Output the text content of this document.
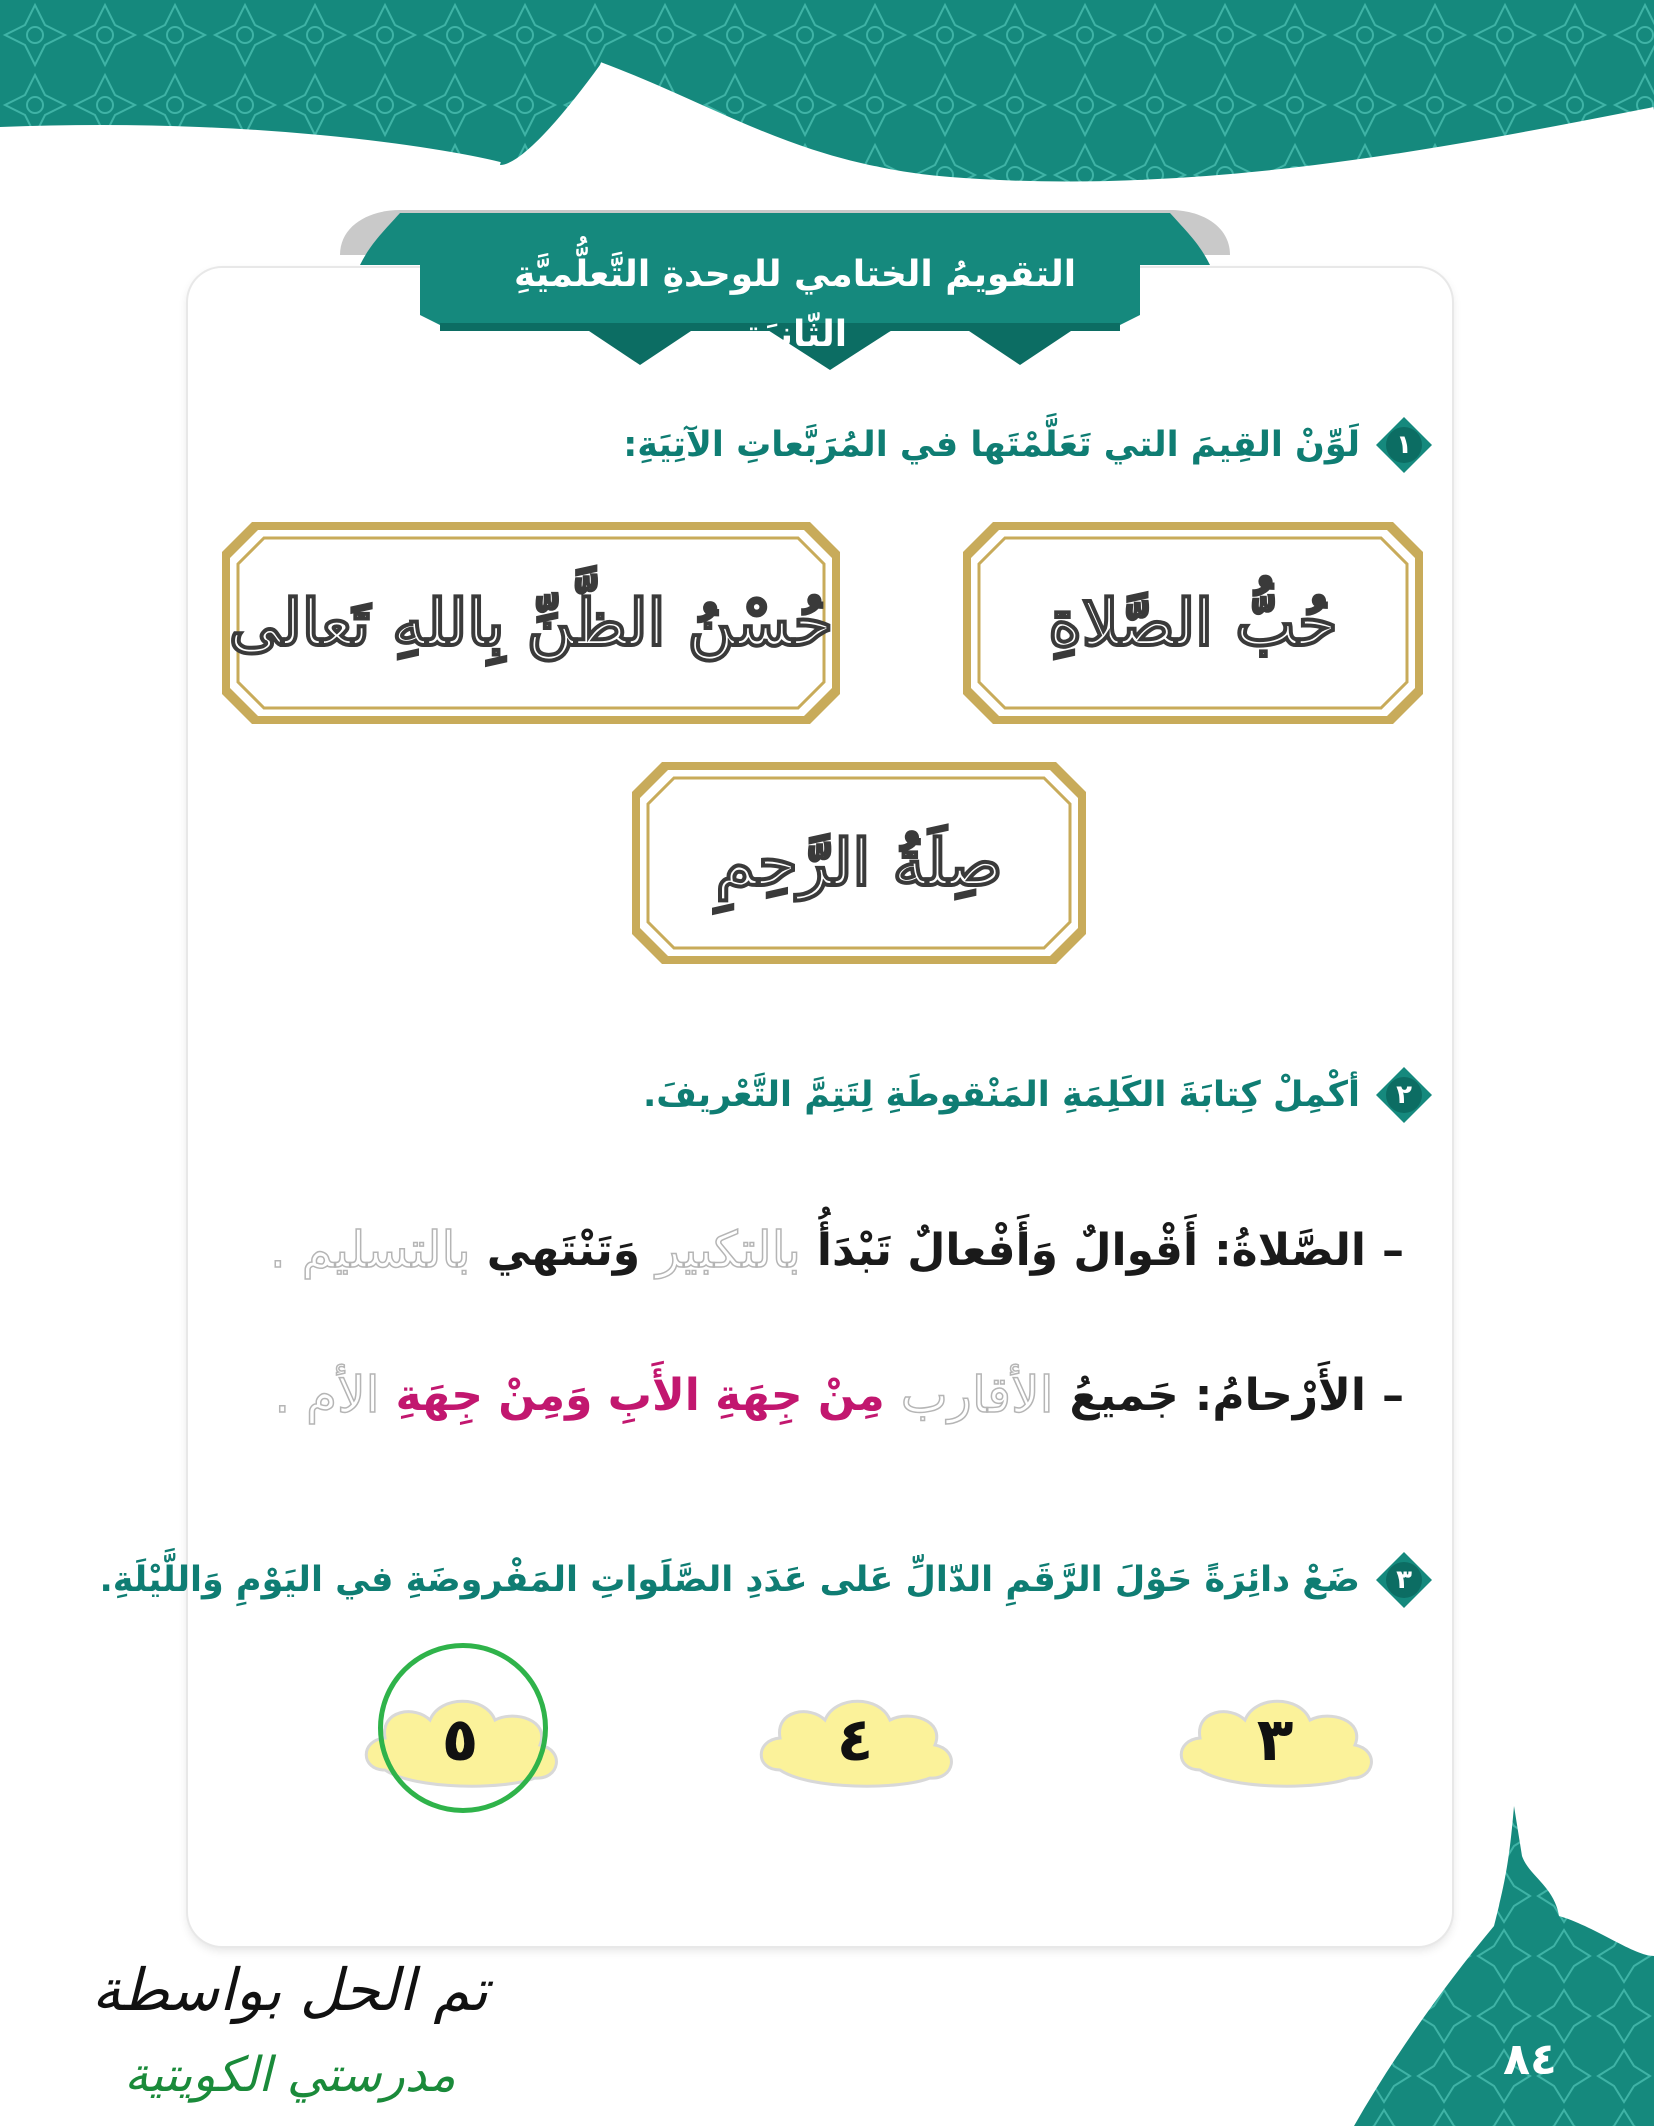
التقويمُ الختامي للوحدةِ التَّعلُّميَّةِ الثّانيَةِ
١
لَوِّنْ القِيمَ التي تَعَلَّمْتَها في المُرَبَّعاتِ الآتِيَةِ:
حُبُّ الصَّلاةِ
حُسْنُ الظَّنِّ بِاللهِ تَعالى
صِلَةُ الرَّحِمِ
٢
أكْمِلْ كِتابَةَ الكَلِمَةِ المَنْقوطَةِ لِتَتِمَّ التَّعْريفَ.
–
الصَّلاةُ:
أَقْوالٌ وَأَفْعالٌ تَبْدَأُ
بالتكبير
وَتَنْتَهي
بالتسليم .
–
الأَرْحامُ:
جَميعُ
الأقارب
مِنْ جِهَةِ الأَبِ وَمِنْ جِهَةِ
الأم .
٣
ضَعْ دائِرَةً حَوْلَ الرَّقَمِ الدّالِّ عَلى عَدَدِ الصَّلَواتِ المَفْروضَةِ في اليَوْمِ وَاللَّيْلَةِ.
٣
٤
٥
٨٤
تم الحل بواسطة
مدرستي الكويتية
